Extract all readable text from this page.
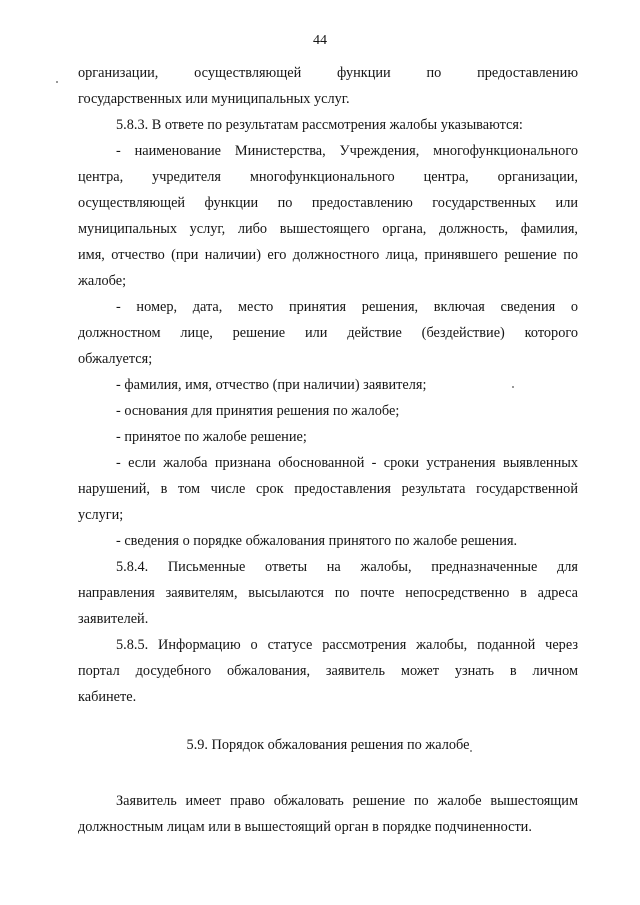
44
организации, осуществляющей функции по предоставлению
государственных или муниципальных услуг.
5.8.3. В ответе по результатам рассмотрения жалобы указываются:
- наименование Министерства, Учреждения, многофункционального
центра, учредителя многофункционального центра, организации,
осуществляющей функции по предоставлению государственных или
муниципальных услуг, либо вышестоящего органа, должность, фамилия,
имя, отчество (при наличии) его должностного лица, принявшего решение по
жалобе;
- номер, дата, место принятия решения, включая сведения о
должностном лице, решение или действие (бездействие) которого
обжалуется;
- фамилия, имя, отчество (при наличии) заявителя;
- основания для принятия решения по жалобе;
- принятое по жалобе решение;
- если жалоба признана обоснованной - сроки устранения выявленных
нарушений, в том числе срок предоставления результата государственной
услуги;
- сведения о порядке обжалования принятого по жалобе решения.
5.8.4. Письменные ответы на жалобы, предназначенные для
направления заявителям, высылаются по почте непосредственно в адреса
заявителей.
5.8.5. Информацию о статусе рассмотрения жалобы, поданной через
портал досудебного обжалования, заявитель может узнать в личном
кабинете.
5.9. Порядок обжалования решения по жалобе
Заявитель имеет право обжаловать решение по жалобе вышестоящим
должностным лицам или в вышестоящий орган в порядке подчиненности.
